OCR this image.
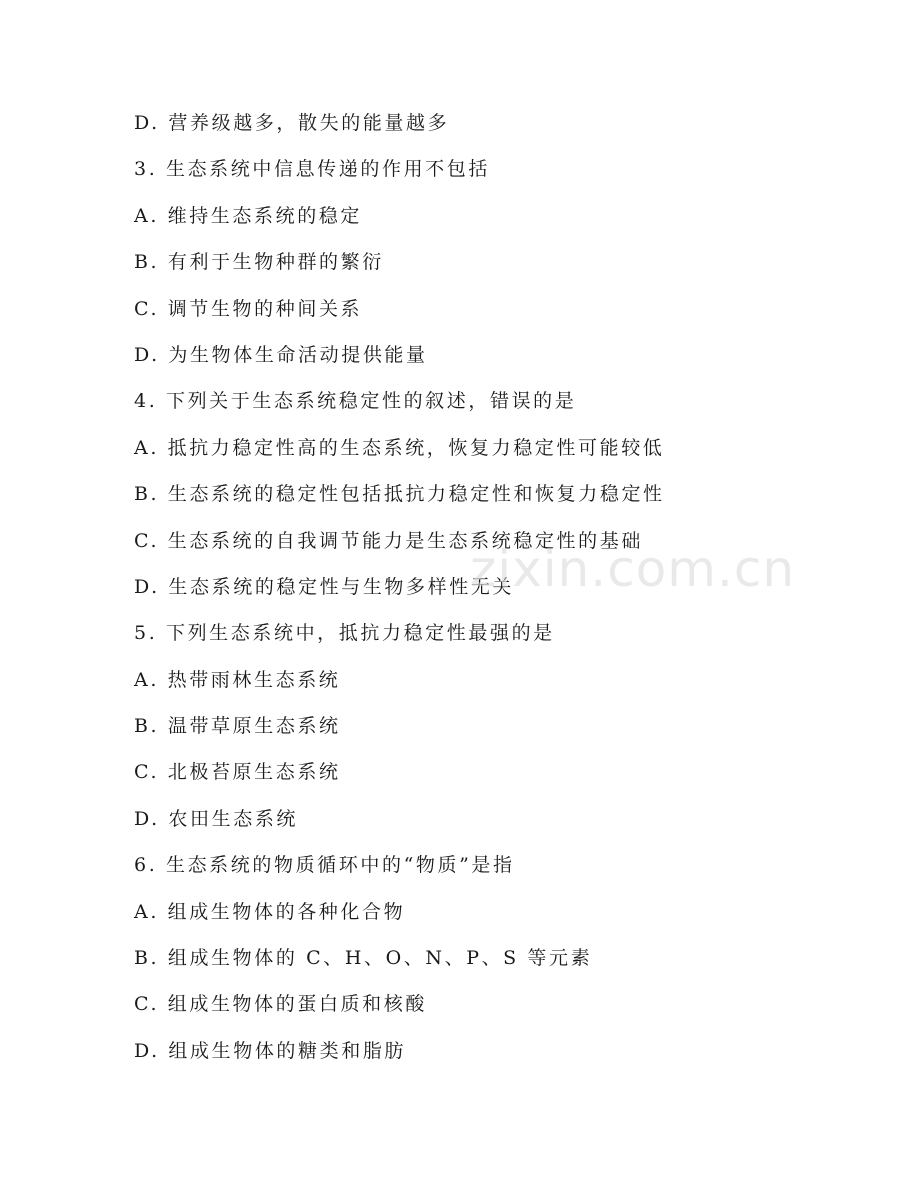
D. 营养级越多，散失的能量越多
3. 生态系统中信息传递的作用不包括
A. 维持生态系统的稳定
B. 有利于生物种群的繁衍
C. 调节生物的种间关系
D. 为生物体生命活动提供能量
4. 下列关于生态系统稳定性的叙述，错误的是
A. 抵抗力稳定性高的生态系统，恢复力稳定性可能较低
B. 生态系统的稳定性包括抵抗力稳定性和恢复力稳定性
C. 生态系统的自我调节能力是生态系统稳定性的基础
D. 生态系统的稳定性与生物多样性无关
5. 下列生态系统中，抵抗力稳定性最强的是
A. 热带雨林生态系统
B. 温带草原生态系统
C. 北极苔原生态系统
D. 农田生态系统
6. 生态系统的物质循环中的“物质”是指
A. 组成生物体的各种化合物
B. 组成生物体的 C、H、O、N、P、S 等元素
C. 组成生物体的蛋白质和核酸
D. 组成生物体的糖类和脂肪
zixin.com.cn
